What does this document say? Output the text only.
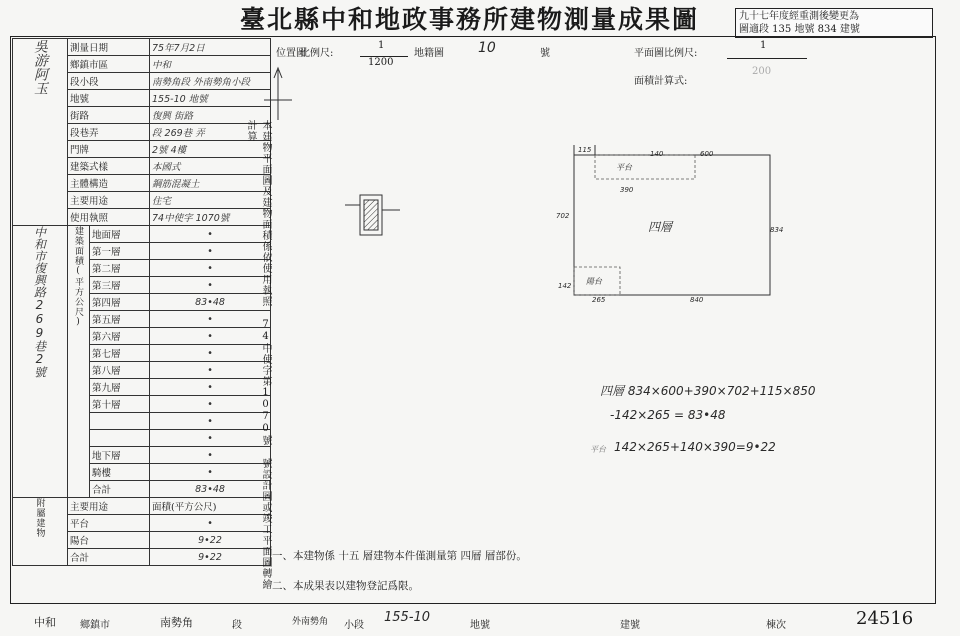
臺北縣中和地政事務所建物測量成果圖	九十七年度經重測後變更為
圖適段 135 地號 834 建號
吳游阿玉	測量日期		75年7月2日
	鄉鎮市區		中和
	段小段		南勢角段 外南勢角小段
	地號		155-10 地號
	街路		復興 街路
	段巷弄		段 269巷 弄
	門牌		2號 4樓
	建築式樣		本國式
	主體構造		鋼筋混凝土
	主要用途		住宅
	使用執照		74中使字 1070號
中和市復興路269巷2號	建築面積(平方公尺)	地面層	•
		第一層	•
		第二層	•
		第三層	•
		第四層	83•48
		第五層	•
		第六層	•
		第七層	•
		第八層	•
		第九層	•
		第十層	•
			•
			•
		地下層	•
		騎樓	•
		合計	83•48
附屬建物	主要用途		面積(平方公尺)
	平台		•
	陽台		9•22
	合計		9•22	本建物平面圖及建物面積係依使用執照 74中使字第1070號 號設計圖或竣工平面圖轉繪計算
位置圖
比例尺:
1
1200
地籍圖 10	號	平面圖比例尺:
1
200
面積計算式:
四層
平台
陽台
115	140
390
600
834
702
142
265	840
四層 834×600+390×702+115×850
-142×265 = 83•48
平台 142×265+140×390=9•22
一、本建物係 十五 層建物本件僅測量第 四層 層部份。
二、本成果表以建物登記爲限。
中和 鄉鎮市	南勢角	段	外南勢角 小段
155-10
地號	建號	棟次	24516
